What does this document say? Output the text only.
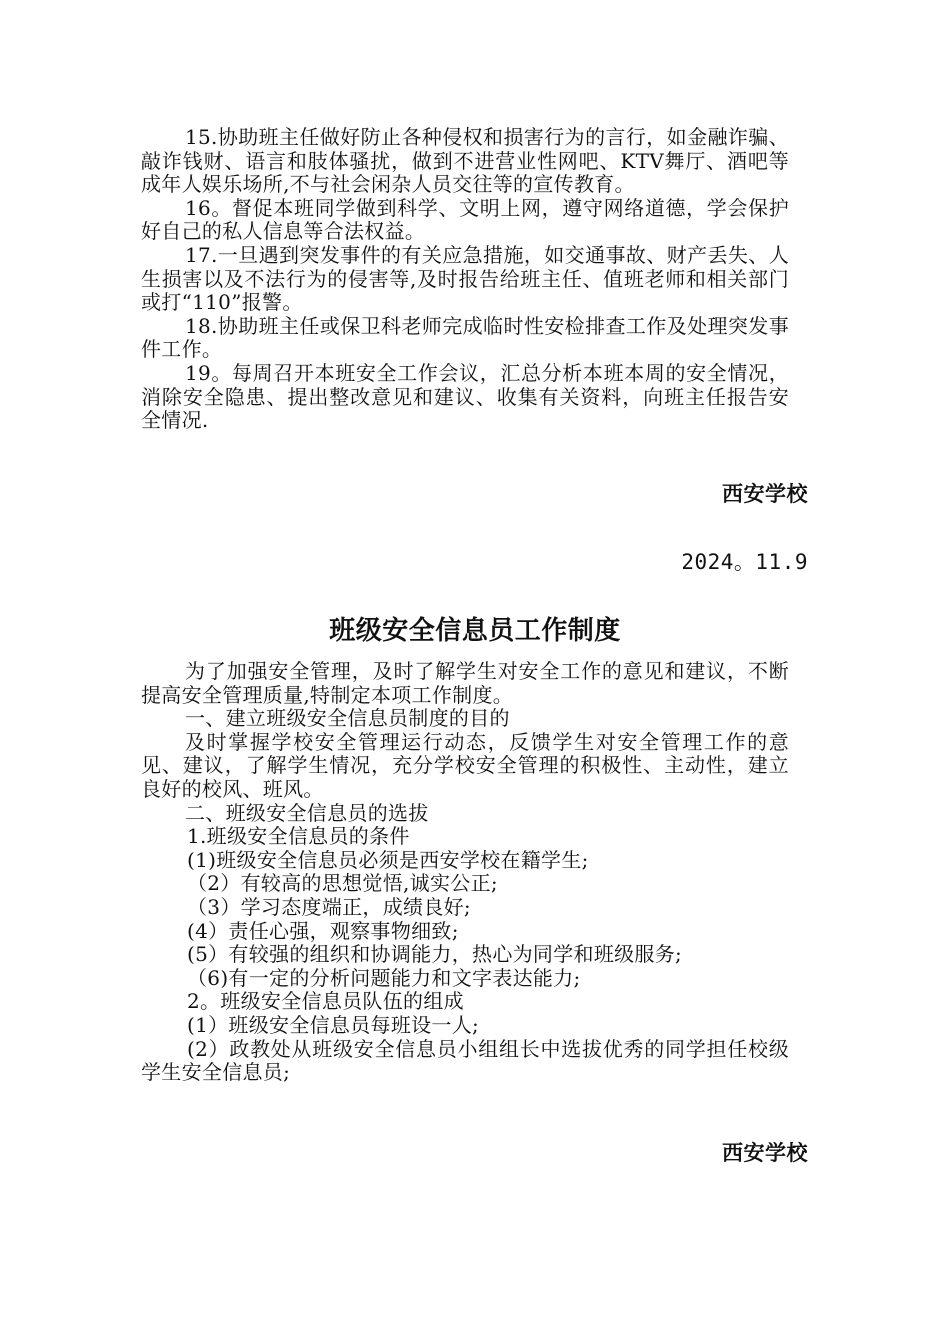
15.协助班主任做好防止各种侵权和损害行为的言行，如金融诈骗、敲诈钱财、语言和肢体骚扰，做到不进营业性网吧、KTV舞厅、酒吧等成年人娱乐场所,不与社会闲杂人员交往等的宣传教育。

16。督促本班同学做到科学、文明上网，遵守网络道德，学会保护好自己的私人信息等合法权益。

17.一旦遇到突发事件的有关应急措施，如交通事故、财产丢失、人生损害以及不法行为的侵害等,及时报告给班主任、值班老师和相关部门或打“110”报警。

18.协助班主任或保卫科老师完成临时性安检排查工作及处理突发事件工作。

19。每周召开本班安全工作会议，汇总分析本班本周的安全情况，消除安全隐患、提出整改意见和建议、收集有关资料，向班主任报告安全情况.

西安学校
2024。11.9
班级安全信息员工作制度

为了加强安全管理，及时了解学生对安全工作的意见和建议，不断提高安全管理质量,特制定本项工作制度。

一、建立班级安全信息员制度的目的

及时掌握学校安全管理运行动态，反馈学生对安全管理工作的意见、建议，了解学生情况，充分学校安全管理的积极性、主动性，建立良好的校风、班风。

二、班级安全信息员的选拔

1.班级安全信息员的条件

(1)班级安全信息员必须是西安学校在籍学生;

（2）有较高的思想觉悟,诚实公正;

（3）学习态度端正，成绩良好;

(4）责任心强，观察事物细致;

(5）有较强的组织和协调能力，热心为同学和班级服务;

（6)有一定的分析问题能力和文字表达能力;

2。班级安全信息员队伍的组成

(1）班级安全信息员每班设一人;

(2）政教处从班级安全信息员小组组长中选拔优秀的同学担任校级学生安全信息员;

西安学校
